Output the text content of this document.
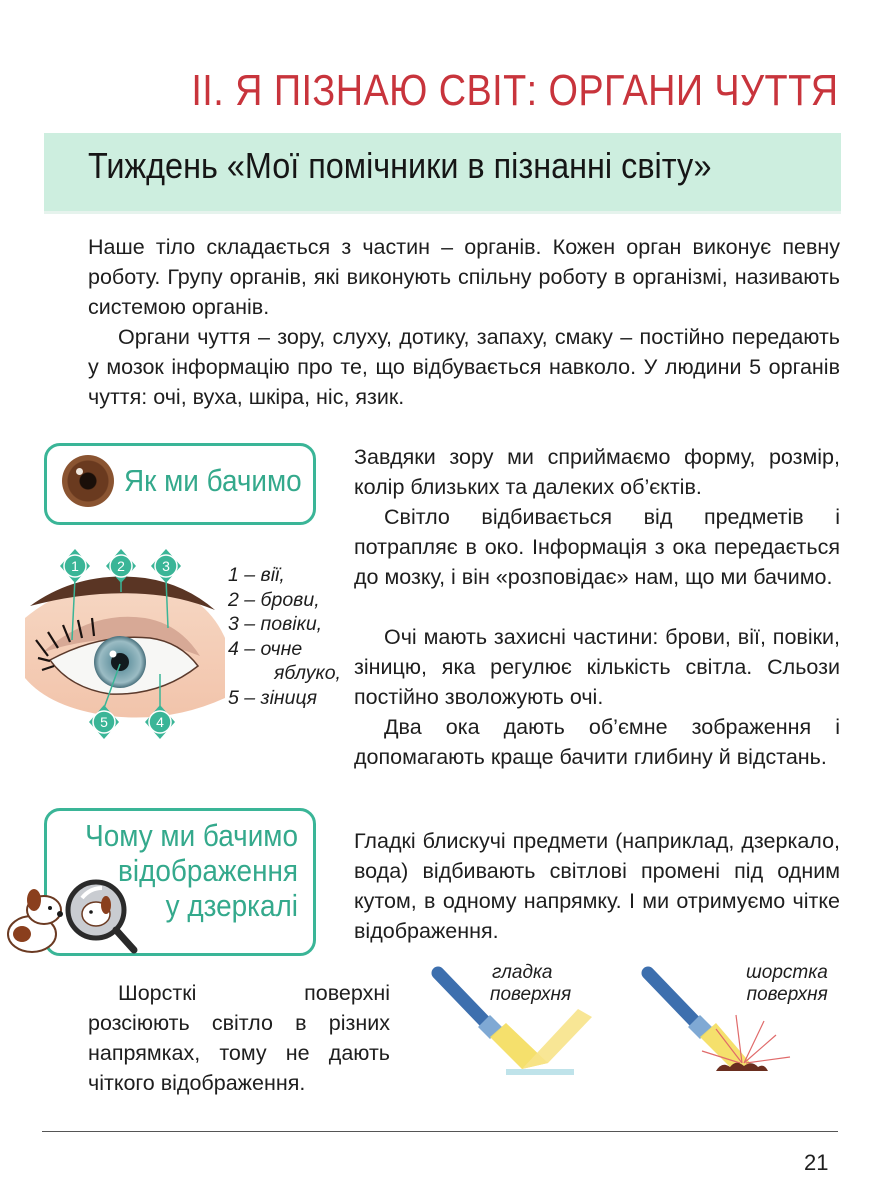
ІІ. Я ПІЗНАЮ СВІТ: ОРГАНИ ЧУТТЯ
Тиждень «Мої помічники в пізнанні світу»

Наше тіло складається з частин – органів. Кожен орган виконує певну роботу. Групу органів, які виконують спільну роботу в організмі, називають системою органів.

Органи чуття – зору, слуху, дотику, запаху, смаку – постійно передають у мозок інформацію про те, що відбувається навколо. У людини 5 органів чуття: очі, вуха, шкіра, ніс, язик.

Як ми бачимо
1	2	3
4
5
1 – вії,
2 – брови,
3 – повіки,
4 – очне
яблуко,
5 – зіниця

Завдяки зору ми сприймаємо форму, розмір, колір близьких та далеких об’єктів.

Світло відбивається від предметів і потрапляє в око. Інформація з ока передається до мозку, і він «розповідає» нам, що ми бачимо.

Очі мають захисні частини: брови, вії, повіки, зіницю, яка регулює кількість світла. Сльози постійно зволожують очі.

Два ока дають об’ємне зображення і допомагають краще бачити глибину й відстань.

Чому ми бачимо
відображення
у дзеркалі

Гладкі блискучі предмети (наприклад, дзеркало, вода) відбивають світлові промені під одним кутом, в одному напрямку. І ми отримуємо чітке відображення.

Шорсткі поверхні розсіюють світло в різних напрямках, тому не дають чіткого відображення.

гладка
поверхня
шорстка
поверхня
21
